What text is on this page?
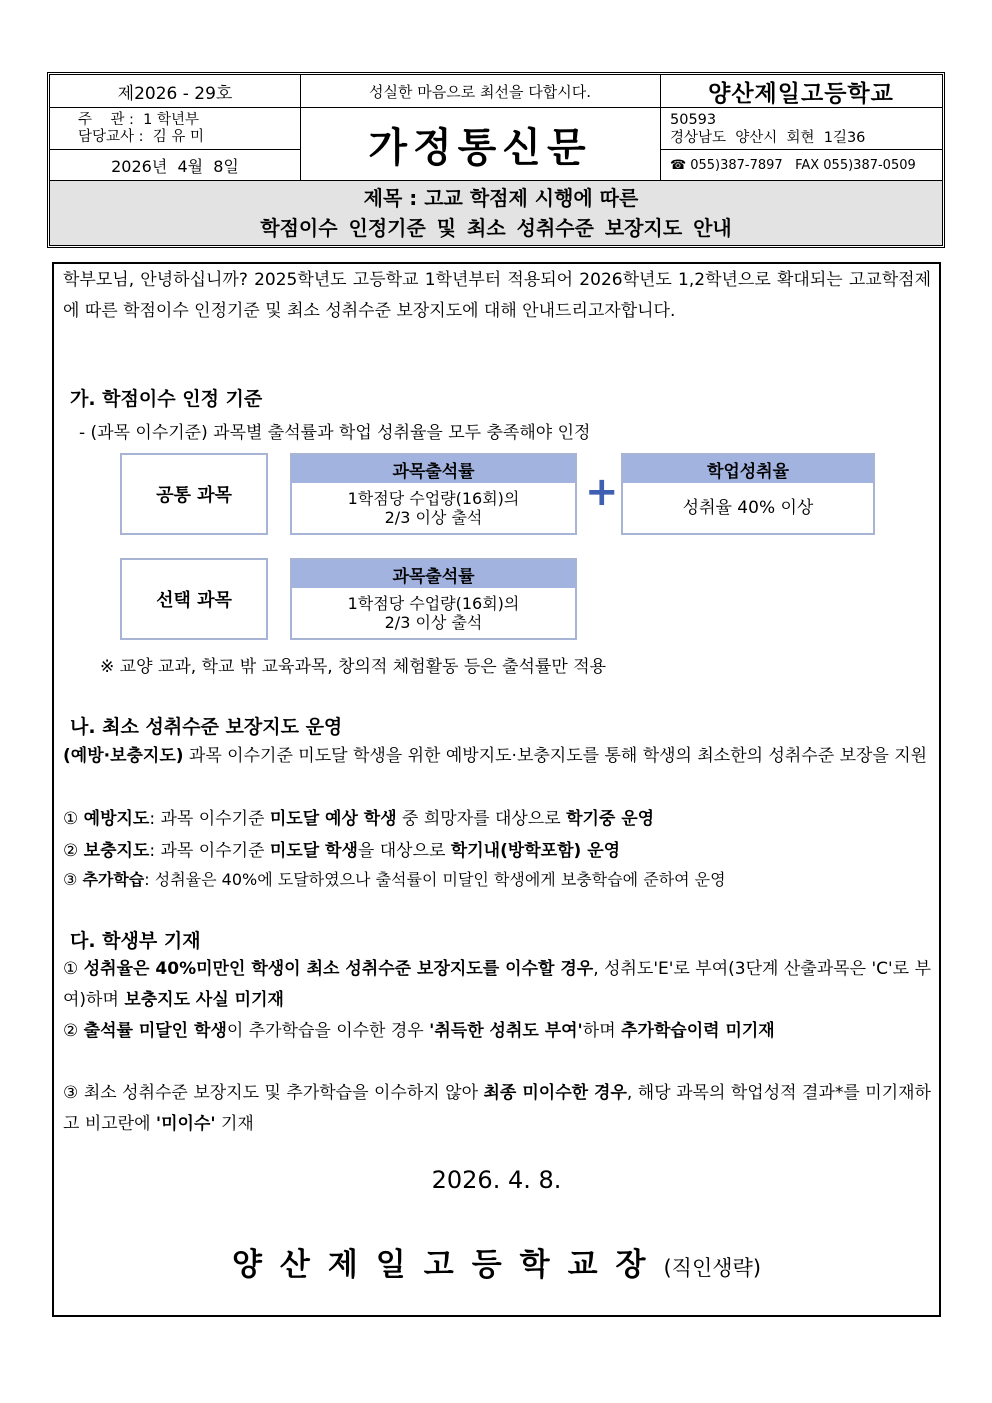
제2026 - 29호	성실한 마음으로 최선을 다합시다.	양산제일고등학교
주    관 :  1 학년부
담당교사 :  김 유 미
2026년  4월  8일	가정통신문
50593
경상남도  양산시  회현  1길36
☎ 055)387-7897   FAX 055)387-0509
제목 : 고교 학점제 시행에 따른
학점이수 인정기준 및 최소 성취수준 보장지도 안내
학부모님, 안녕하십니까? 2025학년도 고등학교 1학년부터 적용되어 2026학년도 1,2학년으로 확대되는 고교학점제에 따른 학점이수 인정기준 및 최소 성취수준 보장지도에 대해 안내드리고자합니다.
가. 학점이수 인정 기준
- (과목 이수기준) 과목별 출석률과 학업 성취율을 모두 충족해야 인정
공통 과목
과목출석률
1학점당 수업량(16회)의
2/3 이상 출석
+	학업성취율
성취율 40% 이상
선택 과목
과목출석률
1학점당 수업량(16회)의
2/3 이상 출석
※ 교양 교과, 학교 밖 교육과목, 창의적 체험활동 등은 출석률만 적용
나. 최소 성취수준 보장지도 운영
(예방·보충지도) 과목 이수기준 미도달 학생을 위한 예방지도·보충지도를 통해 학생의 최소한의 성취수준 보장을 지원
① 예방지도: 과목 이수기준 미도달 예상 학생 중 희망자를 대상으로 학기중 운영
② 보충지도: 과목 이수기준 미도달 학생을 대상으로 학기내(방학포함) 운영
③ 추가학습: 성취율은 40%에 도달하였으나 출석률이 미달인 학생에게 보충학습에 준하여 운영
다. 학생부 기재
① 성취율은 40%미만인 학생이 최소 성취수준 보장지도를 이수할 경우, 성취도'E'로 부여(3단계 산출과목은 'C'로 부여)하며 보충지도 사실 미기재
② 출석률 미달인 학생이 추가학습을 이수한 경우 '취득한 성취도 부여'하며 추가학습이력 미기재
③ 최소 성취수준 보장지도 및 추가학습을 이수하지 않아 최종 미이수한 경우, 해당 과목의 학업성적 결과*를 미기재하고 비고란에 '미이수' 기재
2026. 4. 8.
양산제일고등학교장(직인생략)
